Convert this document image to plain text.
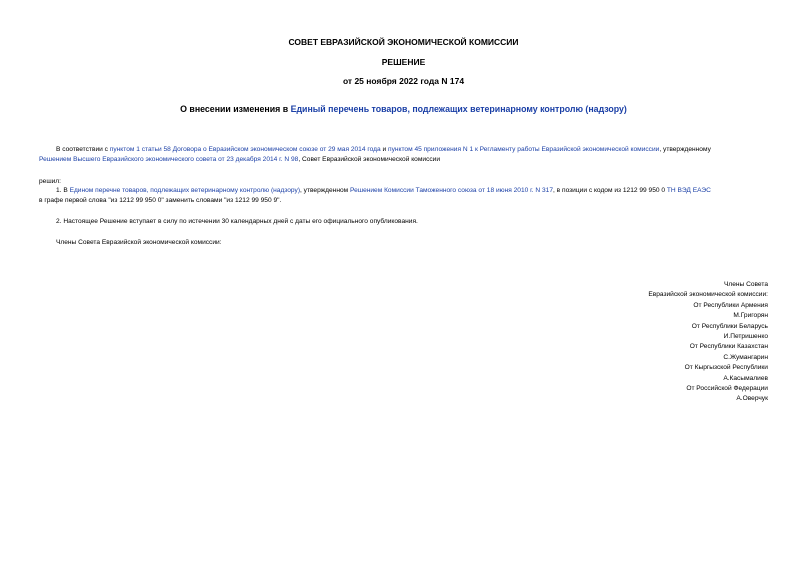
СОВЕТ ЕВРАЗИЙСКОЙ ЭКОНОМИЧЕСКОЙ КОМИССИИ
РЕШЕНИЕ
от 25 ноября 2022 года N 174
О внесении изменения в Единый перечень товаров, подлежащих ветеринарному контролю (надзору)
В соответствии с пунктом 1 статьи 58 Договора о Евразийском экономическом союзе от 29 мая 2014 года и пунктом 45 приложения N 1 к Регламенту работы Евразийской экономической комиссии, утвержденному
Решением Высшего Евразийского экономического совета от 23 декабря 2014 г. N 98, Совет Евразийской экономической комиссии
решил:
1. В Едином перечне товаров, подлежащих ветеринарному контролю (надзору), утвержденном Решением Комиссии Таможенного союза от 18 июня 2010 г. N 317, в позиции с кодом из 1212 99 950 0 ТН ВЭД ЕАЭС
в графе первой слова "из 1212 99 950 0" заменить словами "из 1212 99 950 9".
2. Настоящее Решение вступает в силу по истечении 30 календарных дней с даты его официального опубликования.
Члены Совета Евразийской экономической комиссии:
Члены Совета
Евразийской экономической комиссии:
От Республики Армения
М.Григорян
От Республики Беларусь
И.Петришенко
От Республики Казахстан
С.Жумангарин
От Кыргызской Республики
А.Касымалиев
От Российской Федерации
А.Оверчук
